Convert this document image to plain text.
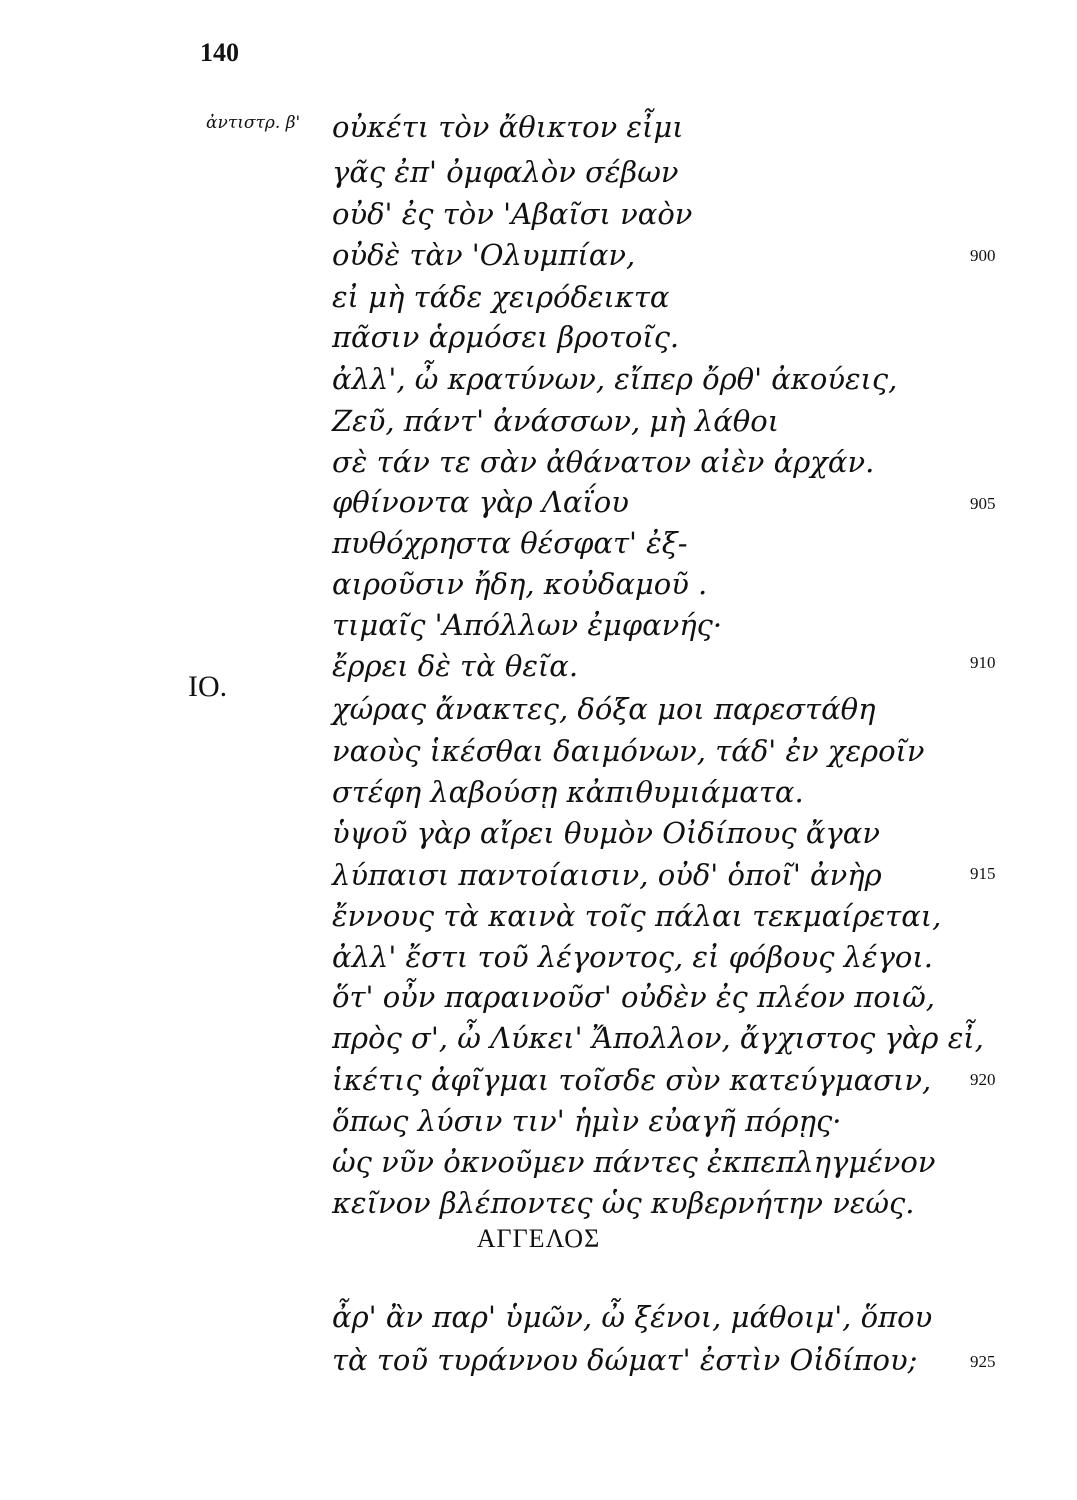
140
ἀντιστρ. β' οὐκέτι τὸν ἄθικτον εἶμι
γᾶς ἐπ' ὀμφαλὸν σέβων
οὐδ' ἐς τὸν 'Αβαῖσι ναὸν
οὐδὲ τὰν 'Ολυμπίαν,	900
εἰ μὴ τάδε χειρόδεικτα
πᾶσιν ἁρμόσει βροτοῖς.
ἀλλ', ὦ κρατύνων, εἴπερ ὄρθ' ἀκούεις,
Ζεῦ, πάντ' ἀνάσσων, μὴ λάθοι
σὲ τάν τε σὰν ἀθάνατον αἰὲν ἀρχάν.
φθίνοντα γὰρ Λαΐου	905
πυθόχρηστα θέσφατ' ἐξ-
αιροῦσιν ἤδη, κοὐδαμοῦ .
τιμαῖς 'Απόλλων ἐμφανής·
ἔρρει δὲ τὰ θεῖα.	910
ΙΟ.
χώρας ἄνακτες, δόξα μοι παρεστάθη
ναοὺς ἱκέσθαι δαιμόνων, τάδ' ἐν χεροῖν
στέφη λαβούσῃ κἀπιθυμιάματα.
ὑψοῦ γὰρ αἴρει θυμὸν Οἰδίπους ἄγαν
λύπαισι παντοίαισιν, οὐδ' ὁποῖ' ἀνὴρ	915
ἔννους τὰ καινὰ τοῖς πάλαι τεκμαίρεται,
ἀλλ' ἔστι τοῦ λέγοντος, εἰ φόβους λέγοι.
ὅτ' οὖν παραινοῦσ' οὐδὲν ἐς πλέον ποιῶ,
πρὸς σ', ὦ Λύκει' Ἄπολλον, ἄγχιστος γὰρ εἶ,
ἱκέτις ἀφῖγμαι τοῖσδε σὺν κατεύγμασιν, 920
ὅπως λύσιν τιν' ἡμὶν εὐαγῆ πόρῃς·
ὡς νῦν ὀκνοῦμεν πάντες ἐκπεπληγμένον
κεῖνον βλέποντες ὡς κυβερνήτην νεώς.
ΑΓΓΕΛΟΣ
ἆρ' ἂν παρ' ὑμῶν, ὦ ξένοι, μάθοιμ', ὅπου
τὰ τοῦ τυράννου δώματ' ἐστὶν Οἰδίπου;	925
